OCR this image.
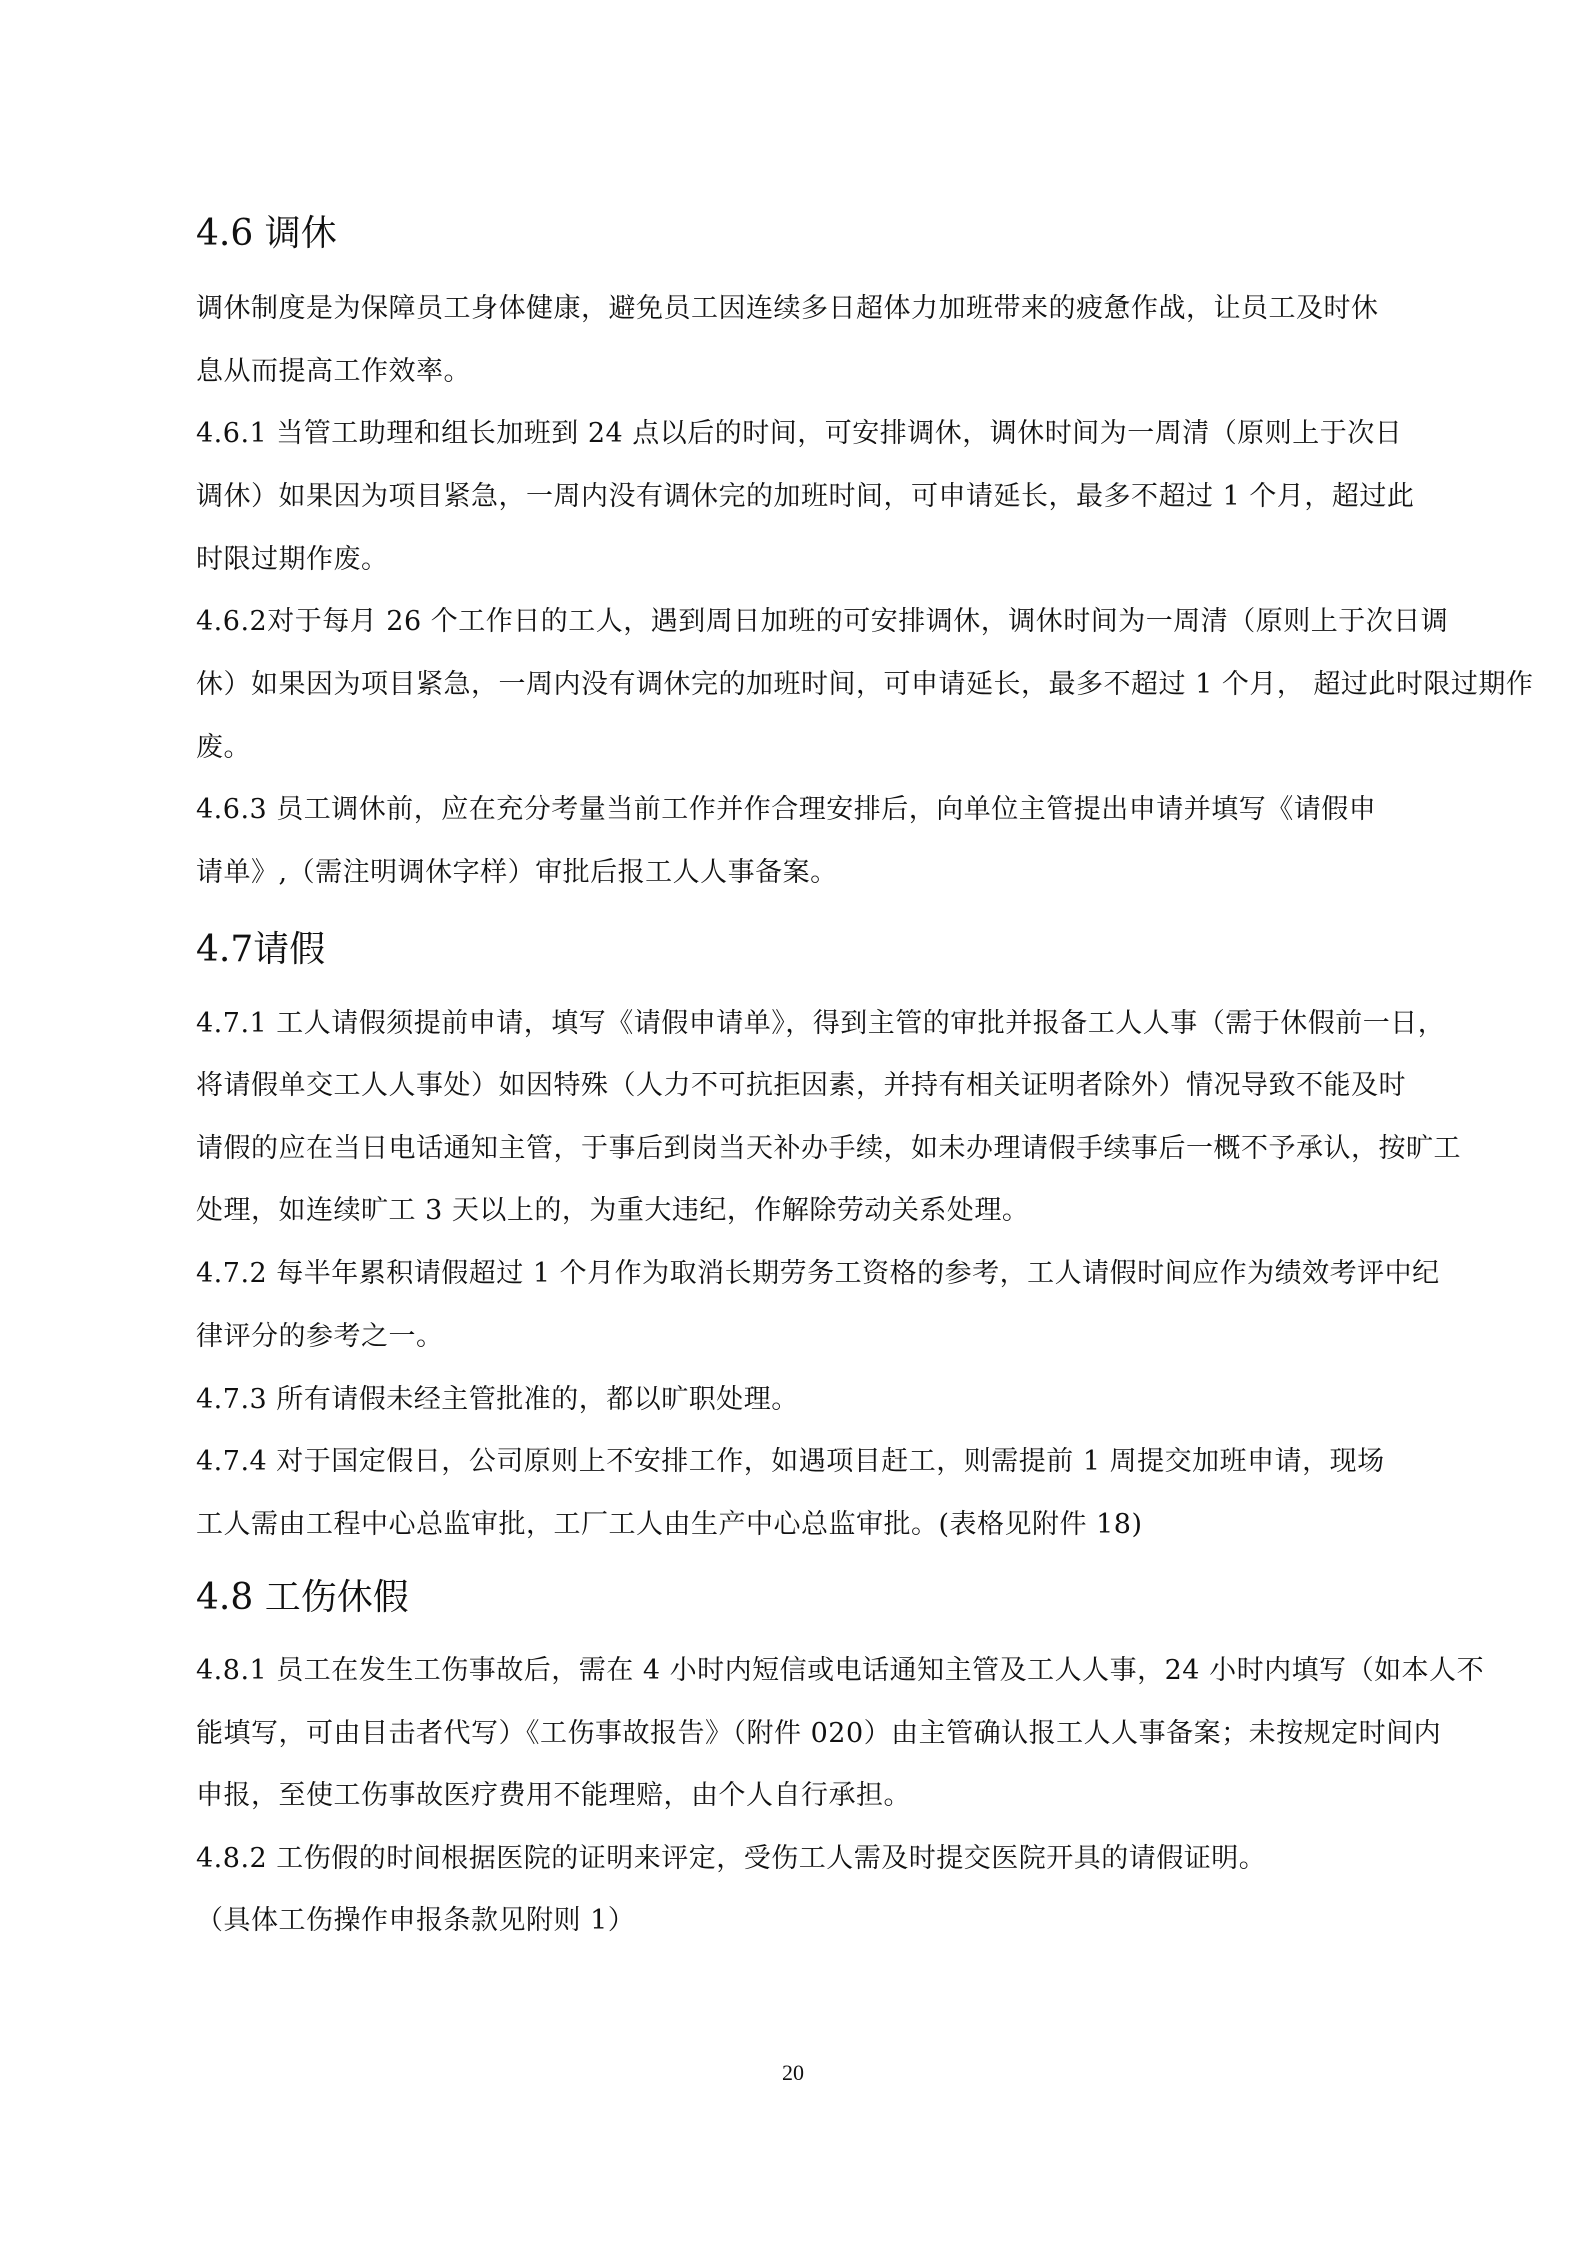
4.6 调休
调休制度是为保障员工身体健康，避免员工因连续多日超体力加班带来的疲惫作战，让员工及时休
息从而提高工作效率。
4.6.1 当管工助理和组长加班到 24 点以后的时间，可安排调休，调休时间为一周清（原则上于次日
调休）如果因为项目紧急，一周内没有调休完的加班时间，可申请延长，最多不超过 1 个月，超过此
时限过期作废。
4.6.2对于每月 26 个工作日的工人，遇到周日加班的可安排调休，调休时间为一周清（原则上于次日调
休）如果因为项目紧急，一周内没有调休完的加班时间，可申请延长，最多不超过 1 个月， 超过此时限过期作
废。
4.6.3 员工调休前，应在充分考量当前工作并作合理安排后，向单位主管提出申请并填写《请假申
请单》,（需注明调休字样）审批后报工人人事备案。
4.7请假
4.7.1 工人请假须提前申请，填写《请假申请单》，得到主管的审批并报备工人人事（需于休假前一日，
将请假单交工人人事处）如因特殊（人力不可抗拒因素，并持有相关证明者除外）情况导致不能及时
请假的应在当日电话通知主管，于事后到岗当天补办手续，如未办理请假手续事后一概不予承认，按旷工
处理，如连续旷工 3 天以上的，为重大违纪，作解除劳动关系处理。
4.7.2 每半年累积请假超过 1 个月作为取消长期劳务工资格的参考，工人请假时间应作为绩效考评中纪
律评分的参考之一。
4.7.3 所有请假未经主管批准的，都以旷职处理。
4.7.4 对于国定假日，公司原则上不安排工作，如遇项目赶工，则需提前 1 周提交加班申请，现场
工人需由工程中心总监审批，工厂工人由生产中心总监审批。(表格见附件 18)
4.8 工伤休假
4.8.1 员工在发生工伤事故后，需在 4 小时内短信或电话通知主管及工人人事，24 小时内填写（如本人不
能填写，可由目击者代写）《工伤事故报告》（附件 020）由主管确认报工人人事备案；未按规定时间内
申报，至使工伤事故医疗费用不能理赔，由个人自行承担。
4.8.2 工伤假的时间根据医院的证明来评定，受伤工人需及时提交医院开具的请假证明。
（具体工伤操作申报条款见附则 1）
20
